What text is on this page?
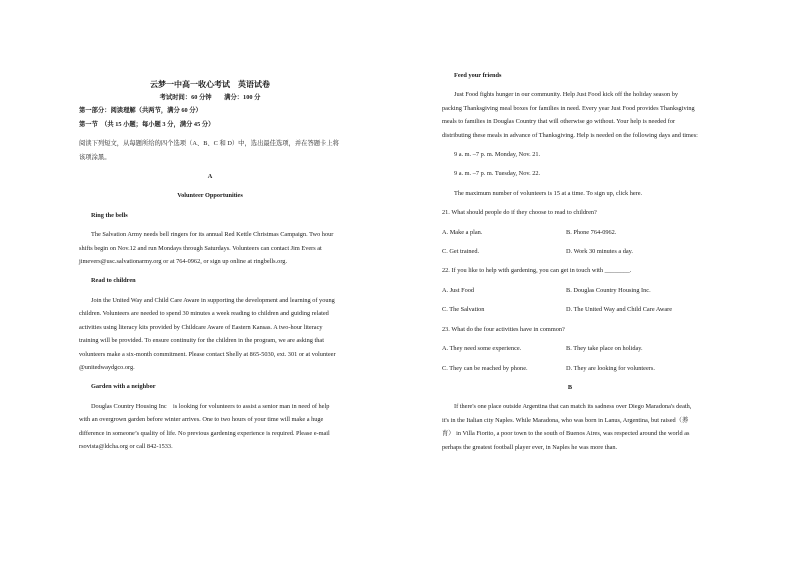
云梦一中高一收心考试　英语试卷

考试时间：60 分钟　　满分：100 分

第一部分：阅读理解（共两节，满分 60 分）

第一节　（共 15 小题；每小题 3 分，满分 45 分）

阅读下列短文，从每题所给的四个选项（A、B、C 和 D）中，选出最佳选项，并在答题卡上将该项涂黑。

A

Volunteer Opportunities

Ring the bells

The Salvation Army needs bell ringers for its annual Red Kettle Christmas Campaign. Two hour shifts begin on Nov.12 and run Mondays through Saturdays. Volunteers can contact Jim Evers at jimevers@usc.salvationarmy.org or at 764-0962, or sign up online at ringbells.org.

Read to children

Join the United Way and Child Care Aware in supporting the development and learning of young children. Volunteers are needed to spend 30 minutes a week reading to children and guiding related activities using literacy kits provided by Childcare Aware of Eastern Kansas. A two-hour literacy training will be provided. To ensure continuity for the children in the program, we are asking that volunteers make a six-month commitment. Please contact Shelly at 865-5030, ext. 301 or at volunteer @unitedwaydgco.org.

Garden with a neighbor

Douglas Country Housing Inc　is looking for volunteers to assist a senior man in need of help with an overgrown garden before winter arrives. One to two hours of your time will make a huge difference in someone’s quality of life. No previous gardening experience is required. Please e-mail rsovista@ldcha.org or call 842-1533.

Feed your friends

Just Food fights hunger in our community. Help Just Food kick off the holiday season by packing Thanksgiving meal boxes for families in need. Every year Just Food provides Thanksgiving meals to families in Douglas Country that will otherwise go without. Your help is needed for distributing these meals in advance of Thanksgiving. Help is needed on the following days and times:

9 a. m. –7 p. m. Monday, Nov. 21.

9 a. m. –7 p. m. Tuesday, Nov. 22.

The maximum number of volunteers is 15 at a time. To sign up, click here.

21. What should people do if they choose to read to children?

A. Make a plan.	B. Phone 764-0962.
C. Get trained.	D. Work 30 minutes a day.

22. If you like to help with gardening, you can get in touch with ________.

A. Just Food	B. Douglas Country Housing Inc.
C. The Salvation	D. The United Way and Child Care Aware

23. What do the four activities have in common?

A. They need some experience.	B. They take place on holiday.
C. They can be reached by phone.	D. They are looking for volunteers.

B

If there's one place outside Argentina that can match its sadness over Diego Maradona's death, it's in the Italian city Naples. While Maradona, who was born in Lanus, Argentina, but raised（养育） in Villa Fiorito, a poor town to the south of Buenos Aires, was respected around the world as perhaps the greatest football player ever, in Naples he was more than.
